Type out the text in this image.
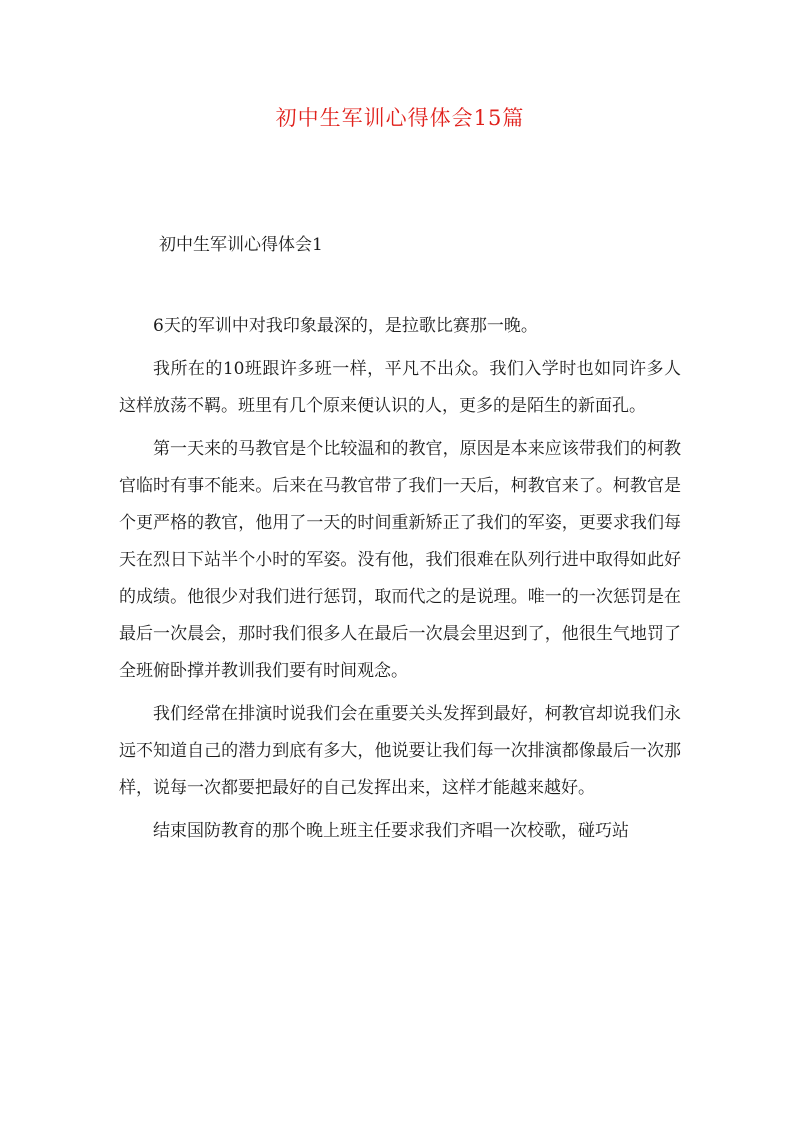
初中生军训心得体会15篇
初中生军训心得体会1

6天的军训中对我印象最深的，是拉歌比赛那一晚。

我所在的10班跟许多班一样，平凡不出众。我们入学时也如同许多人这样放荡不羁。班里有几个原来便认识的人，更多的是陌生的新面孔。

第一天来的马教官是个比较温和的教官，原因是本来应该带我们的柯教官临时有事不能来。后来在马教官带了我们一天后，柯教官来了。柯教官是个更严格的教官，他用了一天的时间重新矫正了我们的军姿，更要求我们每天在烈日下站半个小时的军姿。没有他，我们很难在队列行进中取得如此好的成绩。他很少对我们进行惩罚，取而代之的是说理。唯一的一次惩罚是在最后一次晨会，那时我们很多人在最后一次晨会里迟到了，他很生气地罚了全班俯卧撑并教训我们要有时间观念。

我们经常在排演时说我们会在重要关头发挥到最好，柯教官却说我们永远不知道自己的潜力到底有多大，他说要让我们每一次排演都像最后一次那样，说每一次都要把最好的自己发挥出来，这样才能越来越好。

结束国防教育的那个晚上班主任要求我们齐唱一次校歌，碰巧站
